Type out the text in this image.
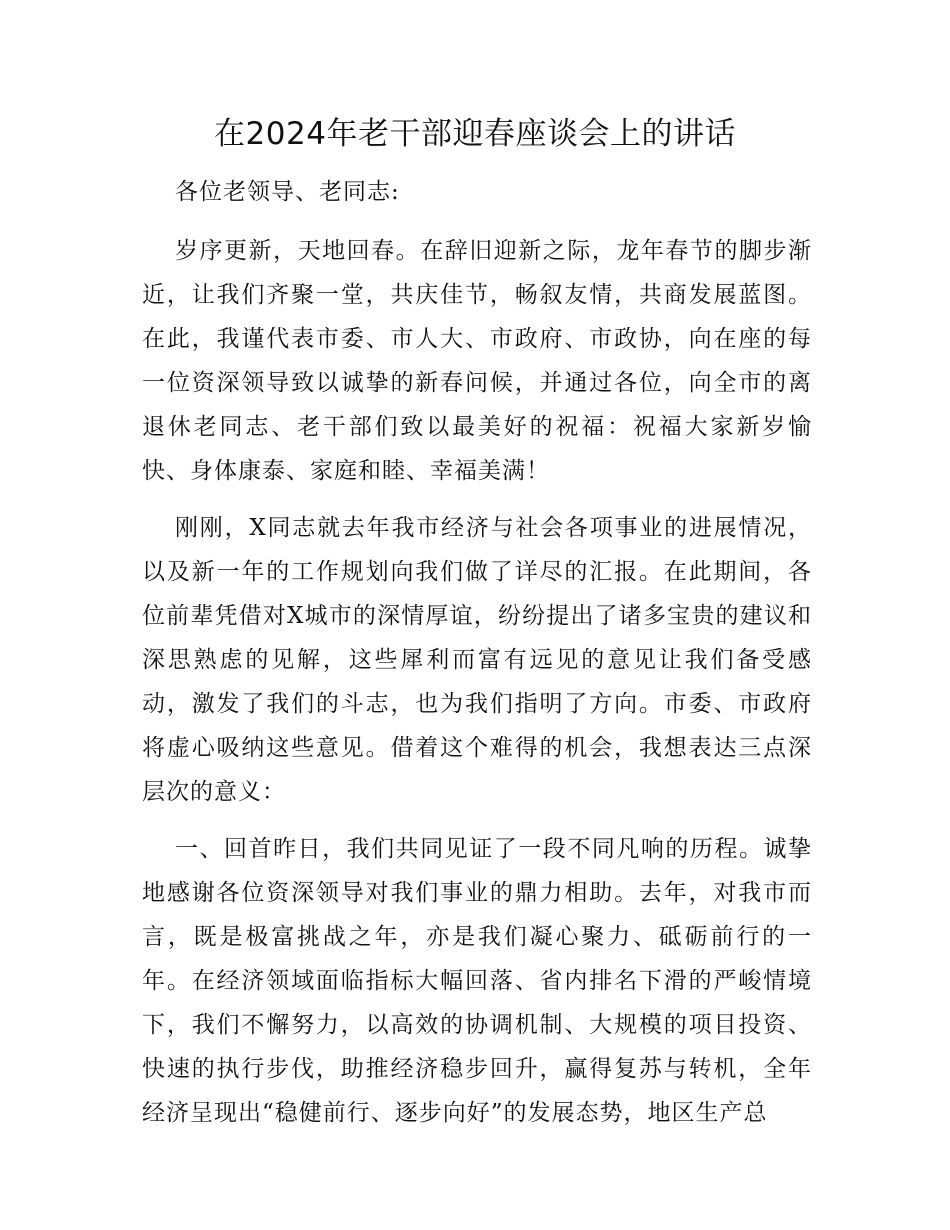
在2024年老干部迎春座谈会上的讲话

各位老领导、老同志:

岁序更新，天地回春。在辞旧迎新之际，龙年春节的脚步渐近，让我们齐聚一堂，共庆佳节，畅叙友情，共商发展蓝图。在此，我谨代表市委、市人大、市政府、市政协，向在座的每一位资深领导致以诚挚的新春问候，并通过各位，向全市的离退休老同志、老干部们致以最美好的祝福：祝福大家新岁愉快、身体康泰、家庭和睦、幸福美满！

刚刚，X同志就去年我市经济与社会各项事业的进展情况，以及新一年的工作规划向我们做了详尽的汇报。在此期间，各位前辈凭借对X城市的深情厚谊，纷纷提出了诸多宝贵的建议和深思熟虑的见解，这些犀利而富有远见的意见让我们备受感动，激发了我们的斗志，也为我们指明了方向。市委、市政府将虚心吸纳这些意见。借着这个难得的机会，我想表达三点深层次的意义：

一、回首昨日，我们共同见证了一段不同凡响的历程。诚挚地感谢各位资深领导对我们事业的鼎力相助。去年，对我市而言，既是极富挑战之年，亦是我们凝心聚力、砥砺前行的一年。在经济领域面临指标大幅回落、省内排名下滑的严峻情境下，我们不懈努力，以高效的协调机制、大规模的项目投资、快速的执行步伐，助推经济稳步回升，赢得复苏与转机，全年经济呈现出“稳健前行、逐步向好”的发展态势，地区生产总
